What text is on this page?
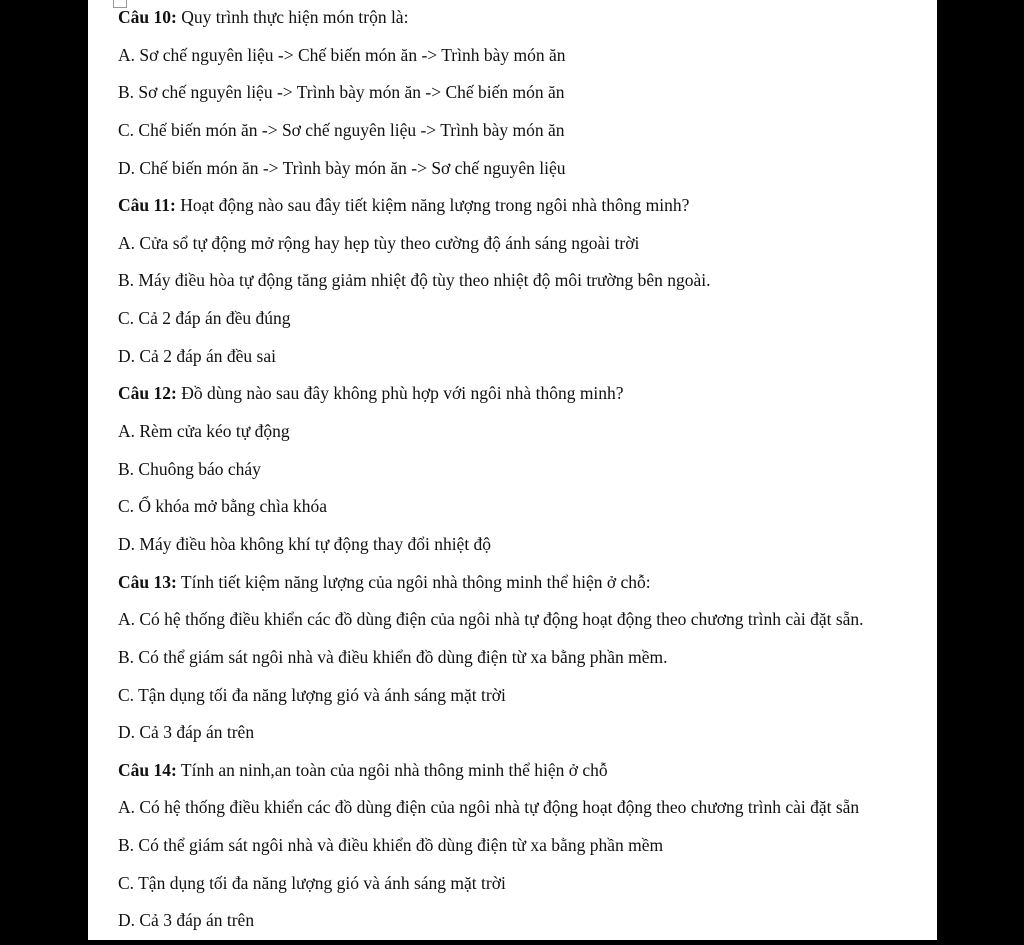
Câu 10: Quy trình thực hiện món trộn là:
A. Sơ chế nguyên liệu -> Chế biến món ăn -> Trình bày món ăn
B. Sơ chế nguyên liệu -> Trình bày món ăn -> Chế biến món ăn
C. Chế biến món ăn -> Sơ chế nguyên liệu -> Trình bày món ăn
D. Chế biến món ăn -> Trình bày món ăn -> Sơ chế nguyên liệu
Câu 11: Hoạt động nào sau đây tiết kiệm năng lượng trong ngôi nhà thông minh?
A. Cửa sổ tự động mở rộng hay hẹp tùy theo cường độ ánh sáng ngoài trời
B. Máy điều hòa tự động tăng giảm nhiệt độ tùy theo nhiệt độ môi trường bên ngoài.
C. Cả 2 đáp án đều đúng
D. Cả 2 đáp án đều sai
Câu 12: Đồ dùng nào sau đây không phù hợp với ngôi nhà thông minh?
A. Rèm cửa kéo tự động
B. Chuông báo cháy
C. Ổ khóa mở bằng chìa khóa
D. Máy điều hòa không khí tự động thay đổi nhiệt độ
Câu 13: Tính tiết kiệm năng lượng của ngôi nhà thông minh thể hiện ở chỗ:
A. Có hệ thống điều khiển các đồ dùng điện của ngôi nhà tự động hoạt động theo chương trình cài đặt sẵn.
B. Có thể giám sát ngôi nhà và điều khiển đồ dùng điện từ xa bằng phần mềm.
C. Tận dụng tối đa năng lượng gió và ánh sáng mặt trời
D. Cả 3 đáp án trên
Câu 14: Tính an ninh,an toàn của ngôi nhà thông minh thể hiện ở chỗ
A. Có hệ thống điều khiển các đồ dùng điện của ngôi nhà tự động hoạt động theo chương trình cài đặt sẵn
B. Có thể giám sát ngôi nhà và điều khiển đồ dùng điện từ xa bằng phần mềm
C. Tận dụng tối đa năng lượng gió và ánh sáng mặt trời
D. Cả 3 đáp án trên
